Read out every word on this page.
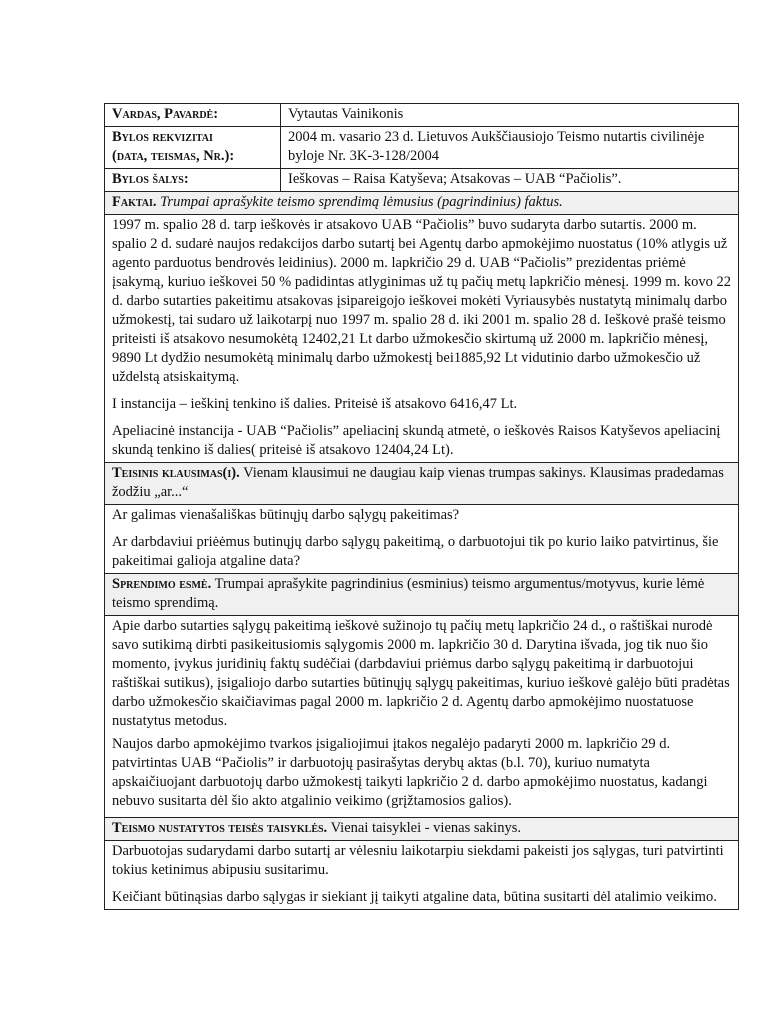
Vardas, Pavardė:	Vytautas Vainikonis

Bylos rekvizitai
(data, teismas, Nr.):	2004 m. vasario 23 d. Lietuvos Aukščiausiojo Teismo nutartis civilinėje byloje Nr. 3K-3-128/2004
Bylos šalys:	Ieškovas – Raisa Katyševa; Atsakovas – UAB “Pačiolis”.
Faktai. Trumpai aprašykite teismo sprendimą lėmusius (pagrindinius) faktus.	

1997 m. spalio 28 d. tarp ieškovės ir atsakovo UAB “Pačiolis” buvo sudaryta darbo sutartis. 2000 m. spalio 2 d. sudarė naujos redakcijos darbo sutartį bei Agentų darbo apmokėjimo nuostatus (10% atlygis už agento parduotus bendrovės leidinius). 2000 m. lapkričio 29 d. UAB “Pačiolis” prezidentas priėmė įsakymą, kuriuo ieškovei 50 % padidintas atlyginimas už tų pačių metų lapkričio mėnesį. 1999 m. kovo 22 d. darbo sutarties pakeitimu atsakovas įsipareigojo ieškovei mokėti Vyriausybės nustatytą minimalų darbo užmokestį, tai sudaro už laikotarpį nuo 1997 m. spalio 28 d. iki 2001 m. spalio 28 d. Ieškovė prašė teismo priteisti iš atsakovo nesumokėtą 12402,21 Lt darbo užmokesčio skirtumą už 2000 m. lapkričio mėnesį, 9890 Lt dydžio nesumokėtą minimalų darbo užmokestį bei1885,92 Lt vidutinio darbo užmokesčio už uždelstą atsiskaitymą.

I instancija – ieškinį tenkino iš dalies. Priteisė iš atsakovo 6416,47 Lt.

Apeliacinė instancija - UAB “Pačiolis” apeliacinį skundą atmetė, o ieškovės Raisos Katyševos apeliacinį skundą tenkino iš dalies( priteisė iš atsakovo 12404,24 Lt).	

Teisinis klausimas(i). Vienam klausimui ne daugiau kaip vienas trumpas sakinys. Klausimas pradedamas žodžiu „ar...“	

Ar galimas vienašališkas būtinųjų darbo sąlygų pakeitimas?

Ar darbdaviui priėėmus butinųjų darbo sąlygų pakeitimą, o darbuotojui tik po kurio laiko patvirtinus, šie pakeitimai galioja atgaline data?	

Sprendimo esmė. Trumpai aprašykite pagrindinius (esminius) teismo argumentus/motyvus, kurie lėmė teismo sprendimą.	

Apie darbo sutarties sąlygų pakeitimą ieškovė sužinojo tų pačių metų lapkričio 24 d., o raštiškai nurodė savo sutikimą dirbti pasikeitusiomis sąlygomis 2000 m. lapkričio 30 d. Darytina išvada, jog tik nuo šio momento, įvykus juridinių faktų sudėčiai (darbdaviui priėmus darbo sąlygų pakeitimą ir darbuotojui raštiškai sutikus), įsigaliojo darbo sutarties būtinųjų sąlygų pakeitimas, kuriuo ieškovė galėjo būti pradėtas darbo užmokesčio skaičiavimas pagal 2000 m. lapkričio 2 d. Agentų darbo apmokėjimo nuostatuose nustatytus metodus.

Naujos darbo apmokėjimo tvarkos įsigaliojimui įtakos negalėjo padaryti 2000 m. lapkričio 29 d. patvirtintas UAB “Pačiolis” ir darbuotojų pasirašytas derybų aktas (b.l. 70), kuriuo numatyta apskaičiuojant darbuotojų darbo užmokestį taikyti lapkričio 2 d. darbo apmokėjimo nuostatus, kadangi nebuvo susitarta dėl šio akto atgalinio veikimo (grįžtamosios galios).	

Teismo nustatytos teisės taisyklės. Vienai taisyklei - vienas sakinys.	

Darbuotojas sudarydami darbo sutartį ar vėlesniu laikotarpiu siekdami pakeisti jos sąlygas, turi patvirtinti tokius ketinimus abipusiu susitarimu.

Keičiant būtinąsias darbo sąlygas ir siekiant jį taikyti atgaline data, būtina susitarti dėl atalimio veikimo.	
